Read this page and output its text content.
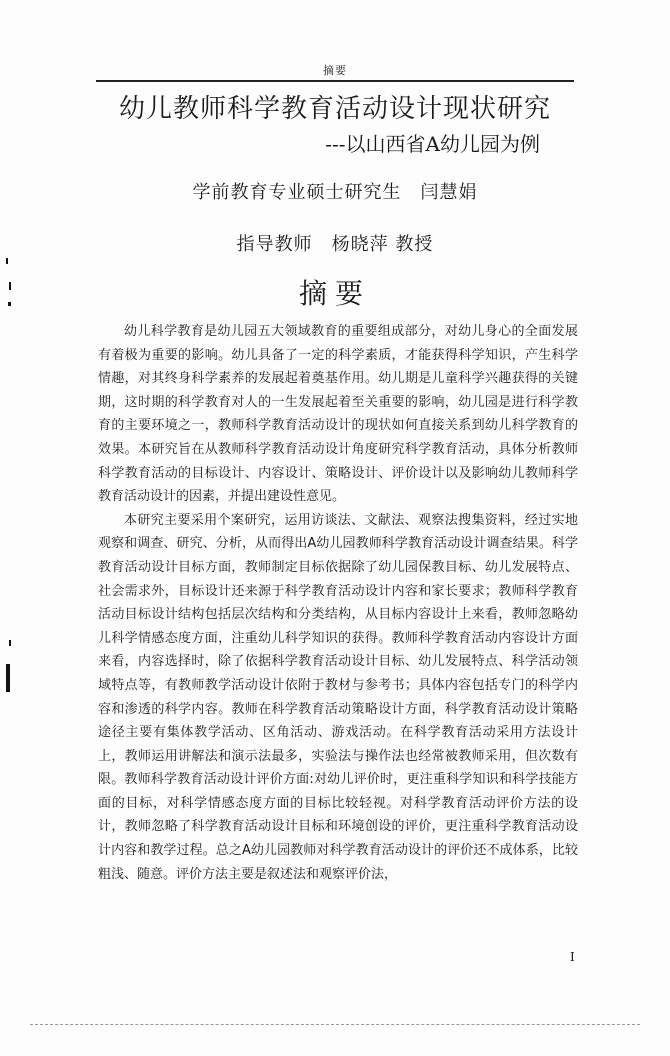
摘要
幼儿教师科学教育活动设计现状研究
---以山西省A幼儿园为例
学前教育专业硕士研究生　闫慧娟
指导教师　杨晓萍 教授
摘要

幼儿科学教育是幼儿园五大领域教育的重要组成部分，对幼儿身心的全面发展有着极为重要的影响。幼儿具备了一定的科学素质，才能获得科学知识，产生科学情趣，对其终身科学素养的发展起着奠基作用。幼儿期是儿童科学兴趣获得的关键期，这时期的科学教育对人的一生发展起着至关重要的影响，幼儿园是进行科学教育的主要环境之一，教师科学教育活动设计的现状如何直接关系到幼儿科学教育的效果。本研究旨在从教师科学教育活动设计角度研究科学教育活动，具体分析教师科学教育活动的目标设计、内容设计、策略设计、评价设计以及影响幼儿教师科学教育活动设计的因素，并提出建设性意见。

本研究主要采用个案研究，运用访谈法、文献法、观察法搜集资料，经过实地观察和调查、研究、分析，从而得出A幼儿园教师科学教育活动设计调查结果。科学教育活动设计目标方面，教师制定目标依据除了幼儿园保教目标、幼儿发展特点、社会需求外，目标设计还来源于科学教育活动设计内容和家长要求；教师科学教育活动目标设计结构包括层次结构和分类结构，从目标内容设计上来看，教师忽略幼儿科学情感态度方面，注重幼儿科学知识的获得。教师科学教育活动内容设计方面来看，内容选择时，除了依据科学教育活动设计目标、幼儿发展特点、科学活动领域特点等，有教师教学活动设计依附于教材与参考书；具体内容包括专门的科学内容和渗透的科学内容。教师在科学教育活动策略设计方面，科学教育活动设计策略途径主要有集体教学活动、区角活动、游戏活动。在科学教育活动采用方法设计上，教师运用讲解法和演示法最多，实验法与操作法也经常被教师采用，但次数有限。教师科学教育活动设计评价方面:对幼儿评价时，更注重科学知识和科学技能方面的目标，对科学情感态度方面的目标比较轻视。对科学教育活动评价方法的设计，教师忽略了科学教育活动设计目标和环境创设的评价，更注重科学教育活动设计内容和教学过程。总之A幼儿园教师对科学教育活动设计的评价还不成体系，比较粗浅、随意。评价方法主要是叙述法和观察评价法，

I
